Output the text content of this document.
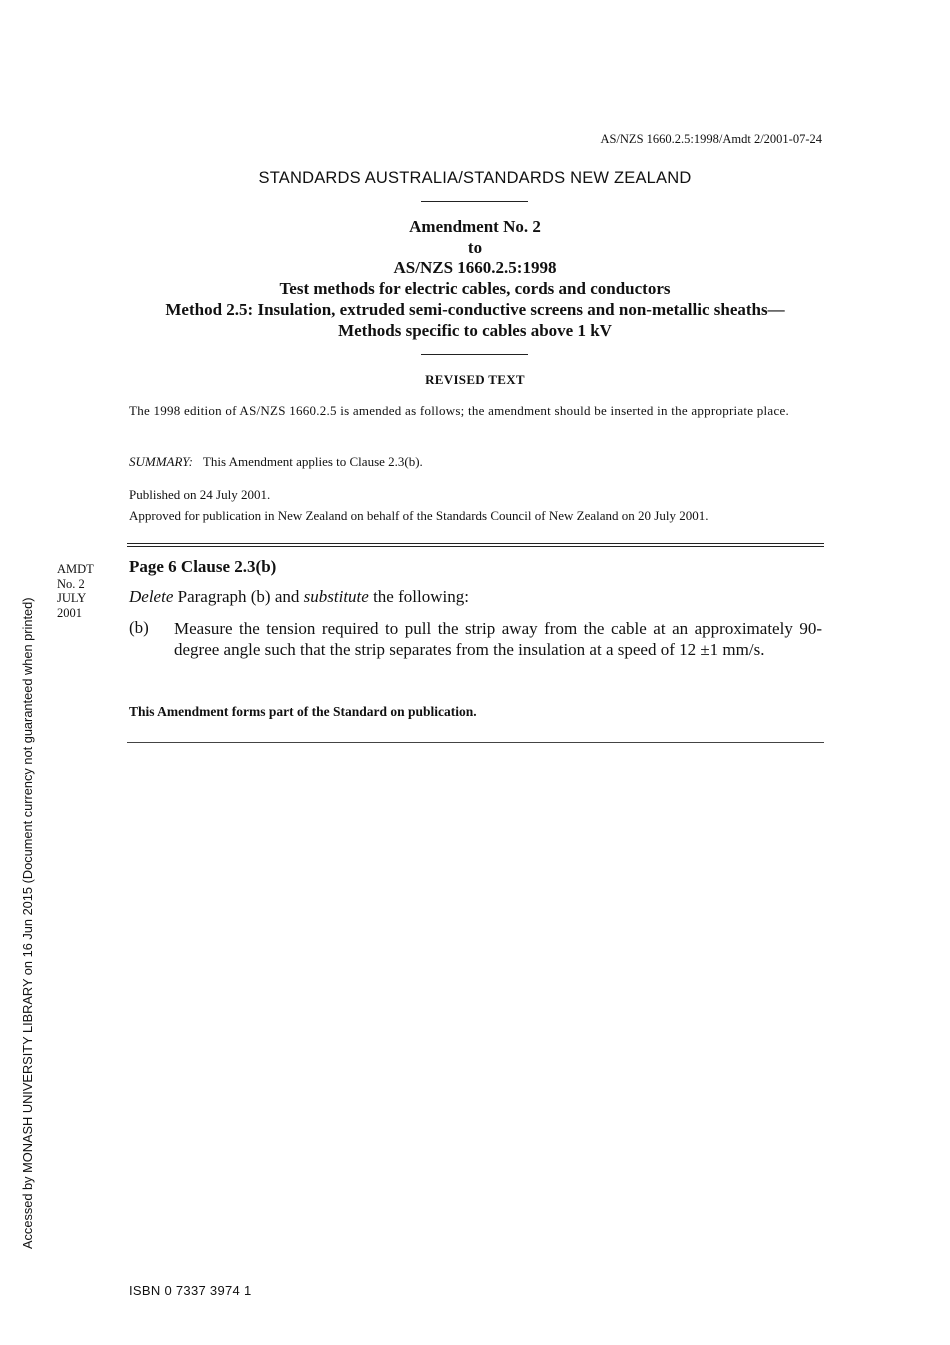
AS/NZS 1660.2.5:1998/Amdt 2/2001-07-24
STANDARDS AUSTRALIA/STANDARDS NEW ZEALAND
Amendment No. 2
to
AS/NZS 1660.2.5:1998
Test methods for electric cables, cords and conductors
Method 2.5: Insulation, extruded semi-conductive screens and non-metallic sheaths—
Methods specific to cables above 1 kV
REVISED TEXT
The 1998 edition of AS/NZS 1660.2.5 is amended as follows; the amendment should be inserted in the appropriate place.
SUMMARY: This Amendment applies to Clause 2.3(b).
Published on 24 July 2001.
Approved for publication in New Zealand on behalf of the Standards Council of New Zealand on 20 July 2001.
AMDT
No. 2
JULY
2001
Page 6 Clause 2.3(b)
Delete Paragraph (b) and substitute the following:
(b) Measure the tension required to pull the strip away from the cable at an approximately 90-degree angle such that the strip separates from the insulation at a speed of 12 ±1 mm/s.
This Amendment forms part of the Standard on publication.
ISBN 0 7337 3974 1
Accessed by MONASH UNIVERSITY LIBRARY on 16 Jun 2015 (Document currency not guaranteed when printed)
